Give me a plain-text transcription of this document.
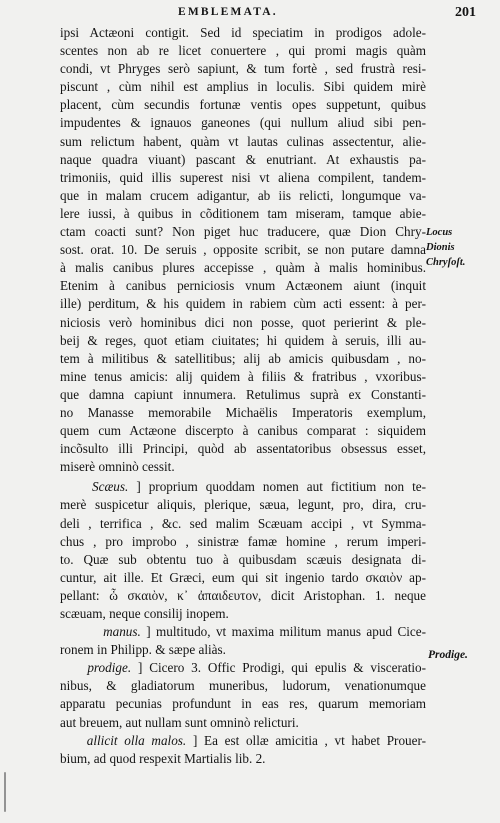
EMBLEMATA.	201
ipsi Actæoni contigit. Sed id speciatim in prodigos adole-
scentes non ab re licet conuertere , qui promi magis quàm
condi, vt Phryges serò sapiunt, & tum fortè , sed frustrà resi-
piscunt , cùm nihil est amplius in loculis. Sibi quidem mirè
placent, cùm secundis fortunæ ventis opes suppetunt, quibus
impudentes & ignauos ganeones (qui nullum aliud sibi pen-
sum relictum habent, quàm vt lautas culinas assectentur, alie-
naque quadra viuant) pascant & enutriant. At exhaustis pa-
trimoniis, quid illis superest nisi vt aliena compilent, tandem-
que in malam crucem adigantur, ab iis relicti, longumque va-
lere iussi, à quibus in cõditionem tam miseram, tamque abie-
ctam coacti sunt? Non piget huc traducere, quæ Dion Chry-
sost. orat. 10. De seruis , opposite scribit, se non putare damna
à malis canibus plures accepisse , quàm à malis hominibus.
Etenim à canibus perniciosis vnum Actæonem aiunt (inquit
ille) perditum, & his quidem in rabiem cùm acti essent: à per-
niciosis verò hominibus dici non posse, quot perierint & ple-
beij & reges, quot etiam ciuitates; hi quidem à seruis, illi au-
tem à militibus & satellitibus; alij ab amicis quibusdam , no-
mine tenus amicis: alij quidem à filiis & fratribus , vxoribus-
que damna capiunt innumera. Retulimus suprà ex Constanti-
no Manasse memorabile Michaëlis Imperatoris exemplum,
quem cum Actæone discerpto à canibus comparat : siquidem
incõsulto illi Principi, quòd ab assentatoribus obsessus esset,
miserè omninò cessit.
Scæus. ] proprium quoddam nomen aut fictitium non te-
merè suspicetur aliquis, plerique, sæua, legunt, pro, dira, cru-
deli , terrifica , &c. sed malim Scæuam accipi , vt Symma-
chus , pro improbo , sinistræ famæ homine , rerum imperi-
to. Quæ sub obtentu tuo à quibusdam scæuis designata di-
cuntur, ait ille. Et Græci, eum qui sit ingenio tardo σκαιὸν ap-
pellant: ὦ σκαιὸν, κ᾽ ἀπαιδευτον, dicit Aristophan. 1. neque
scæuam, neque consilij inopem.
manus. ] multitudo, vt maxima militum manus apud Cice-
ronem in Philipp. & sæpe aliàs.
prodige. ] Cicero 3. Offic Prodigi, qui epulis & visceratio-
nibus, & gladiatorum muneribus, ludorum, venationumque
apparatu pecunias profundunt in eas res, quarum memoriam
aut breuem, aut nullam sunt omninò relicturi.
allicit olla malos. ] Ea est ollæ amicitia , vt habet Prouer-
bium, ad quod respexit Martialis lib. 2.
Locus
Dionis
Chryſoſt.
Prodige.
